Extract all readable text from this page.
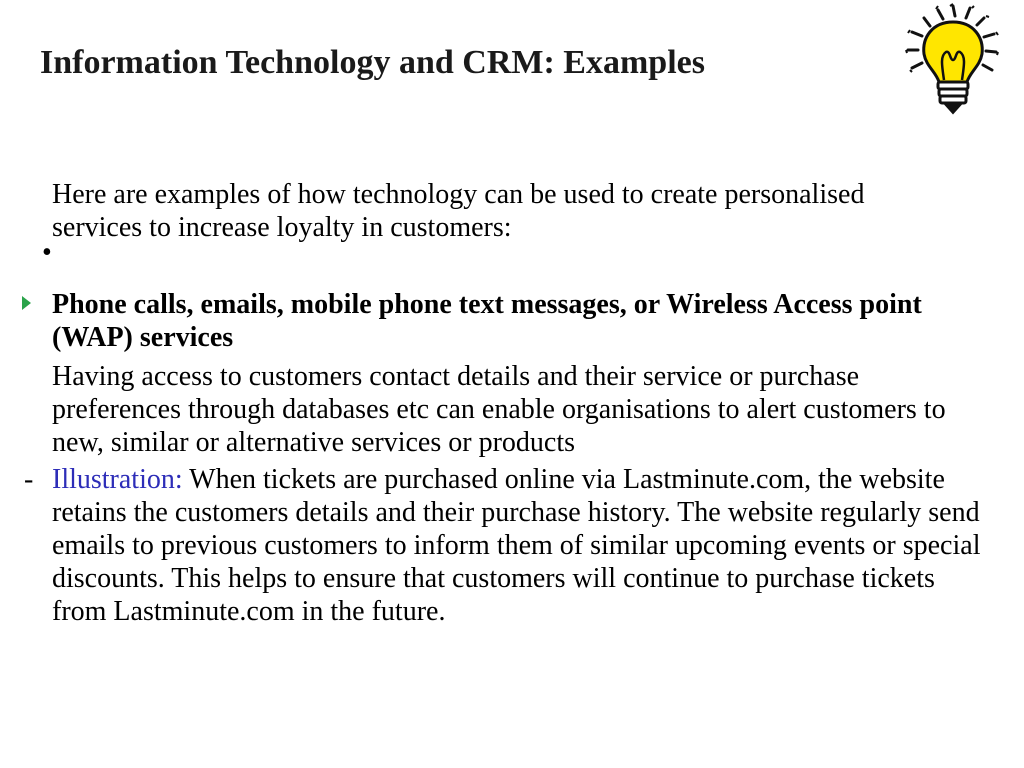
Information Technology and CRM: Examples

Here are examples of how technology can be used to create personalised services to increase loyalty in customers:

•

Phone calls, emails, mobile phone text messages, or Wireless Access point (WAP) services

Having access to customers contact details and their service or purchase preferences through databases etc can enable organisations to alert customers to new, similar or alternative services or products

- Illustration: When tickets are purchased online via Lastminute.com, the website retains the customers details and their purchase history. The website regularly send emails to previous customers to inform them of similar upcoming events or special discounts. This helps to ensure that customers will continue to purchase tickets from Lastminute.com in the future.
